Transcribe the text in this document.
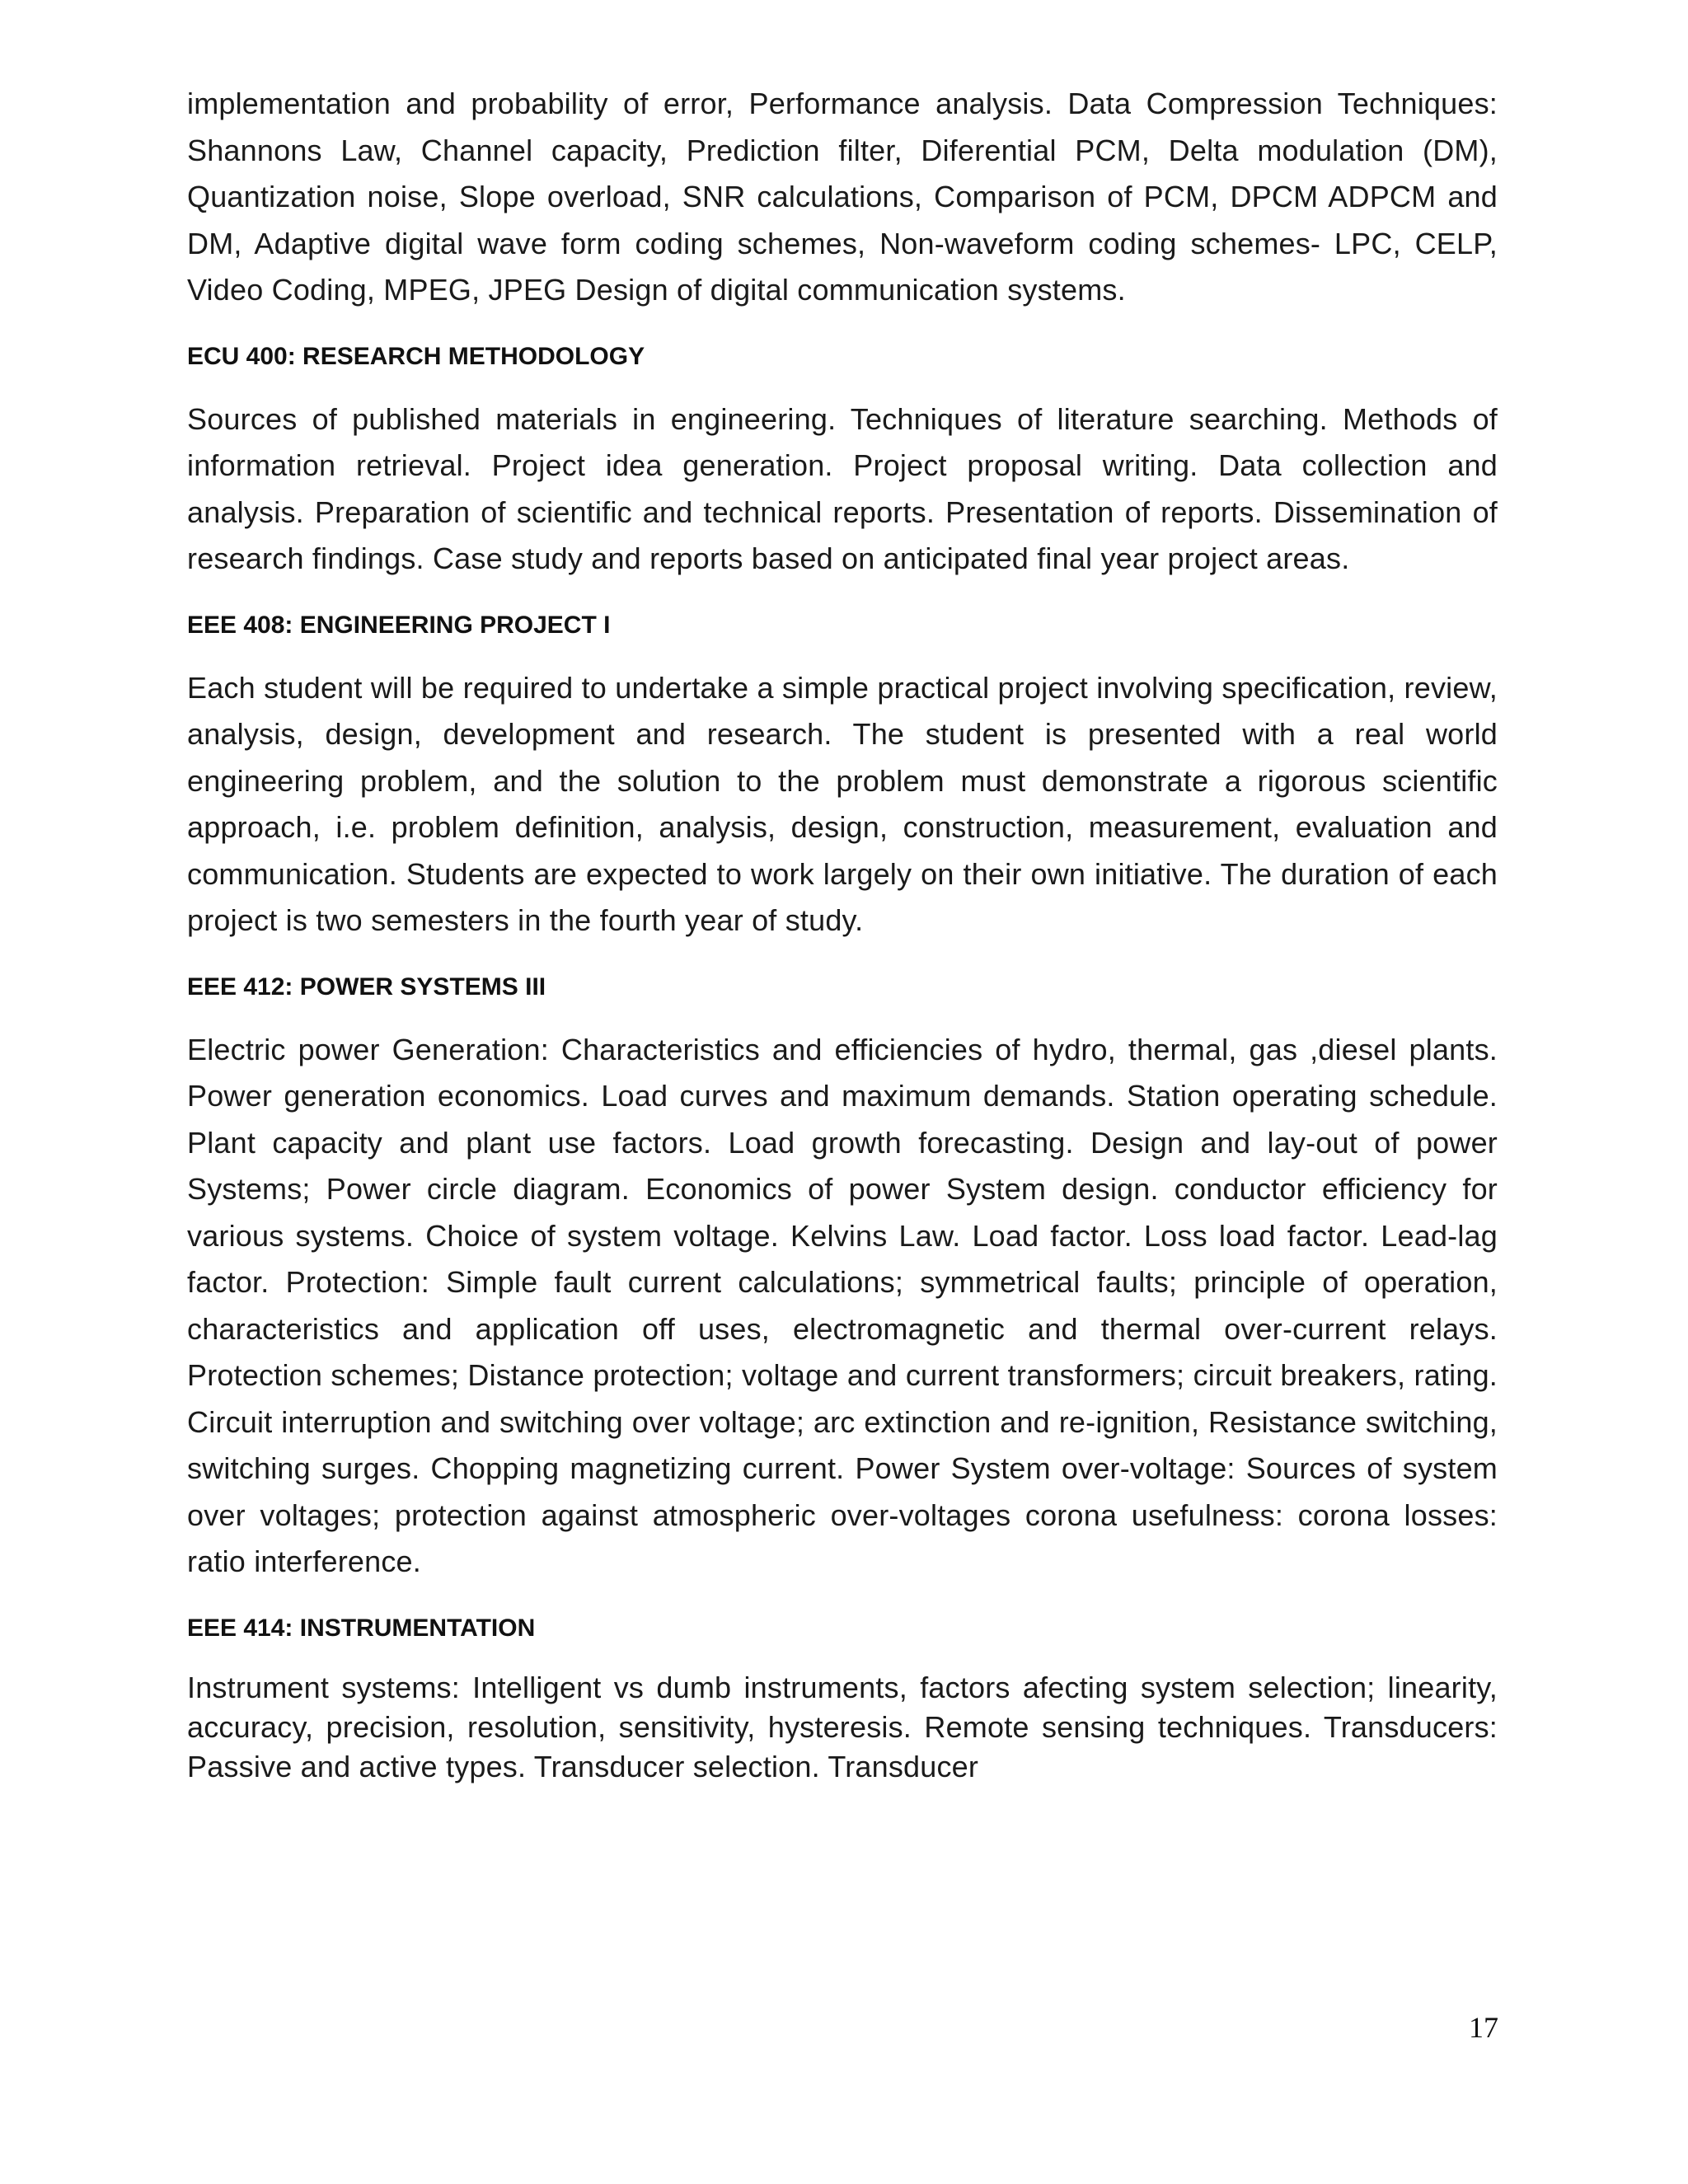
implementation and probability of error, Performance analysis. Data Compression Techniques: Shannons Law, Channel capacity, Prediction filter, Diferential PCM, Delta modulation (DM), Quantization noise, Slope overload, SNR calculations, Comparison of PCM, DPCM ADPCM and DM, Adaptive digital wave form coding schemes, Non-waveform coding schemes- LPC, CELP, Video Coding, MPEG, JPEG Design of digital communication systems.

ECU 400: RESEARCH METHODOLOGY

Sources of published materials in engineering. Techniques of literature searching. Methods of information retrieval. Project idea generation. Project proposal writing. Data collection and analysis. Preparation of scientific and technical reports. Presentation of reports. Dissemination of research findings. Case study and reports based on anticipated final year project areas.

EEE 408: ENGINEERING PROJECT I

Each student will be required to undertake a simple practical project involving specification, review, analysis, design, development and research. The student is presented with a real world engineering problem, and the solution to the problem must demonstrate a rigorous scientific approach, i.e. problem definition, analysis, design, construction, measurement, evaluation and communication. Students are expected to work largely on their own initiative. The duration of each project is two semesters in the fourth year of study.

EEE 412: POWER SYSTEMS III

Electric power Generation: Characteristics and efficiencies of hydro, thermal, gas ,diesel plants. Power generation economics. Load curves and maximum demands. Station operating schedule. Plant capacity and plant use factors. Load growth forecasting. Design and lay-out of power Systems; Power circle diagram. Economics of power System design. conductor efficiency for various systems. Choice of system voltage. Kelvins Law. Load factor. Loss load factor. Lead-lag factor. Protection: Simple fault current calculations; symmetrical faults; principle of operation, characteristics and application off uses, electromagnetic and thermal over-current relays. Protection schemes; Distance protection; voltage and current transformers; circuit breakers, rating. Circuit interruption and switching over voltage; arc extinction and re-ignition, Resistance switching, switching surges. Chopping magnetizing current. Power System over-voltage: Sources of system over voltages; protection against atmospheric over-voltages corona usefulness: corona losses: ratio interference.

EEE 414: INSTRUMENTATION

Instrument systems: Intelligent vs dumb instruments, factors afecting system selection; linearity, accuracy, precision, resolution, sensitivity, hysteresis. Remote sensing techniques. Transducers: Passive and active types. Transducer selection. Transducer

17
